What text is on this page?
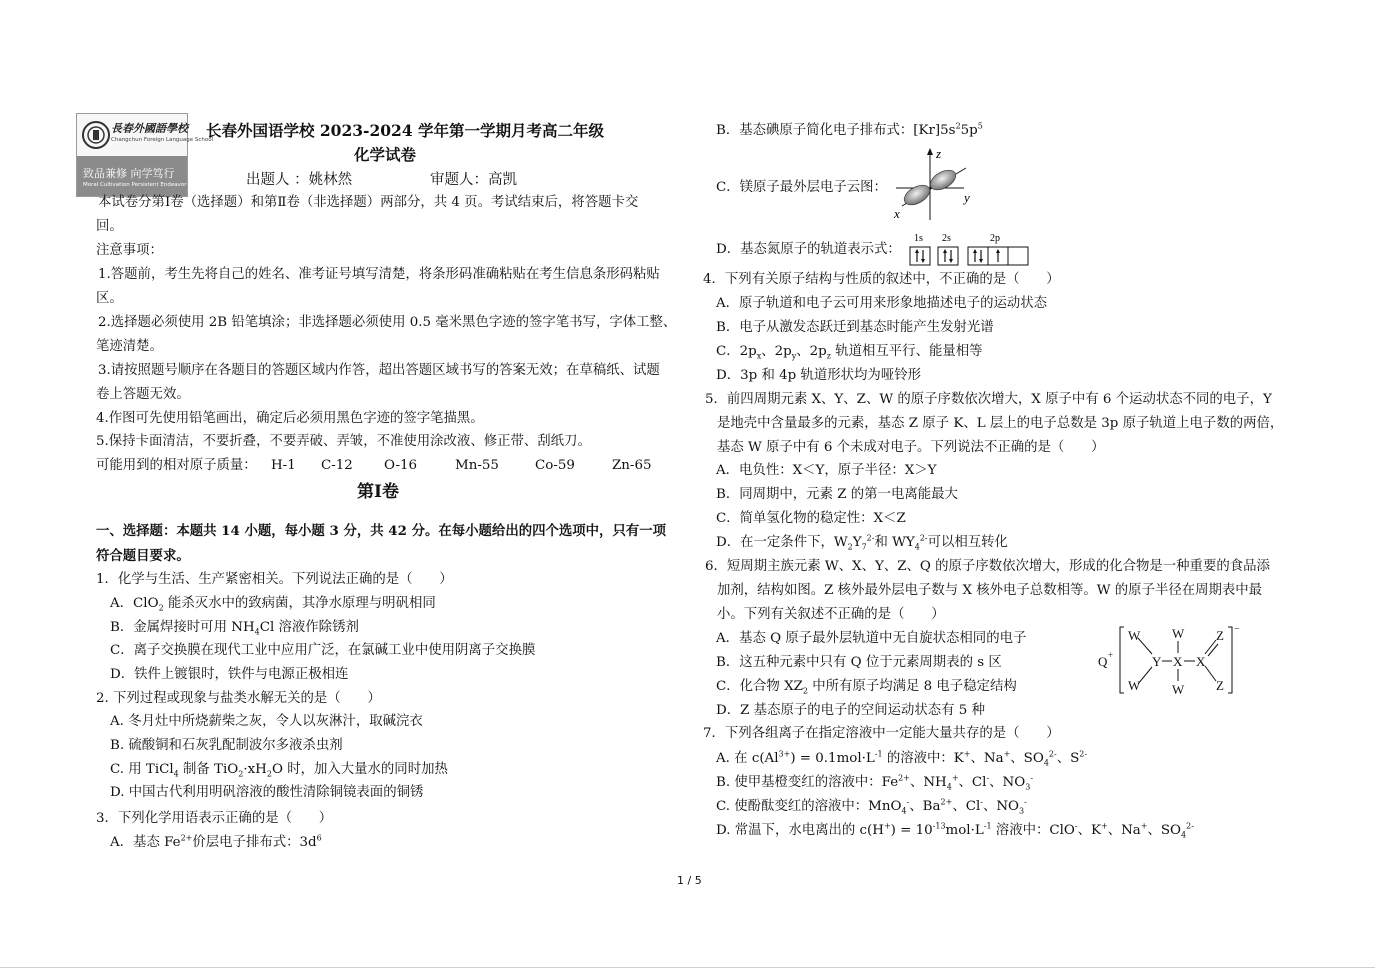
長春外國語學校
Changchun Foreign Language School
致品兼修 向学笃行
Moral Cultivation Persistent Endeavor
长春外国语学校 2023-2024 学年第一学期月考高二年级
化学试卷
出题人 ：姚林然	审题人：高凯
本试卷分第Ⅰ卷（选择题）和第Ⅱ卷（非选择题）两部分，共 4 页。考试结束后，将答题卡交
回。
注意事项：
1.答题前，考生先将自己的姓名、准考证号填写清楚，将条形码准确粘贴在考生信息条形码粘贴
区。
2.选择题必须使用 2B 铅笔填涂；非选择题必须使用 0.5 毫米黑色字迹的签字笔书写，字体工整、
笔迹清楚。
3.请按照题号顺序在各题目的答题区域内作答，超出答题区域书写的答案无效；在草稿纸、试题
卷上答题无效。
4.作图可先使用铅笔画出，确定后必须用黑色字迹的签字笔描黑。
5.保持卡面清洁，不要折叠，不要弄破、弄皱，不准使用涂改液、修正带、刮纸刀。
可能用到的相对原子质量： H-1 C-12 O-16	Mn-55	Co-59	Zn-65
第Ⅰ卷
一、选择题：本题共 14 小题，每小题 3 分，共 42 分。在每小题给出的四个选项中，只有一项
符合题目要求。
1．化学与生活、生产紧密相关。下列说法正确的是（　　）
A．ClO$_2$ 能杀灭水中的致病菌，其净水原理与明矾相同
B．金属焊接时可用 $NH_4Cl$ 溶液作除锈剂
C．离子交换膜在现代工业中应用广泛，在氯碱工业中使用阴离子交换膜
D．铁件上镀银时，铁件与电源正极相连
2. 下列过程或现象与盐类水解无关的是（　　）
A. 冬月灶中所烧薪柴之灰，令人以灰淋汁，取碱浣衣
B. 硫酸铜和石灰乳配制波尔多液杀虫剂
C. 用 TiCl$_4$ 制备 $TiO_2\cdot xH_2O$ 时，加入大量水的同时加热
D. 中国古代利用明矾溶液的酸性清除铜镜表面的铜锈
3．下列化学用语表示正确的是（　　）
A．基态 $Fe^{2+}$价层电子排布式：$3d^6$
B．基态碘原子简化电子排布式：$[Kr]5s^25p^5$
C．镁原子最外层电子云图：
z
y
x
D．基态氮原子的轨道表示式：
1s 2s	2p
4．下列有关原子结构与性质的叙述中，不正确的是（　　）
A．原子轨道和电子云可用来形象地描述电子的运动状态
B．电子从激发态跃迁到基态时能产生发射光谱
C．$2p_x$、$2p_y$、$2p_z$ 轨道相互平行、能量相等
D．3p 和 4p 轨道形状均为哑铃形
5．前四周期元素 X、Y、Z、W 的原子序数依次增大，X 原子中有 6 个运动状态不同的电子，Y
是地壳中含量最多的元素，基态 Z 原子 K、L 层上的电子总数是 3p 原子轨道上电子数的两倍，
基态 W 原子中有 6 个未成对电子。下列说法不正确的是（　　）
A．电负性：X＜Y，原子半径：X＞Y
B．同周期中，元素 Z 的第一电离能最大
C．简单氢化物的稳定性：X＜Z
D．在一定条件下，$W_2Y_7^{2-}$和 $WY_4^{2-}$可以相互转化
6．短周期主族元素 W、X、Y、Z、Q 的原子序数依次增大，形成的化合物是一种重要的食品添
加剂，结构如图。Z 核外最外层电子数与 X 核外电子总数相等。W 的原子半径在周期表中最
小。下列有关叙述不正确的是（　　）
A．基态 Q 原子最外层轨道中无自旋状态相同的电子
B．这五种元素中只有 Q 位于元素周期表的 s 区
C．化合物 $XZ_2$ 中所有原子均满足 8 电子稳定结构
D．Z 基态原子的电子的空间运动状态有 5 种
Q +
W
W
Y
W
X
W
X
Z
Z
−
7．下列各组离子在指定溶液中一定能大量共存的是（　　）
A. 在 $c(Al^{3+}) = 0.1mol\cdot L^{-1}$ 的溶液中：K+、Na+、$SO_4^{2-}$、$S^{2-}$
B. 使甲基橙变红的溶液中：$Fe^{2+}$、$NH_4^+$、Cl-、$NO_3^-$
C. 使酚酞变红的溶液中：MnO$_4$-、$Ba^{2+}$、Cl-、$NO_3^-$
D. 常温下，水电离出的 $c(H^+) = 10^{-13}mol\cdot L^{-1}$ 溶液中：ClO-、K+、Na+、$SO_4^{2-}$
1 / 5
